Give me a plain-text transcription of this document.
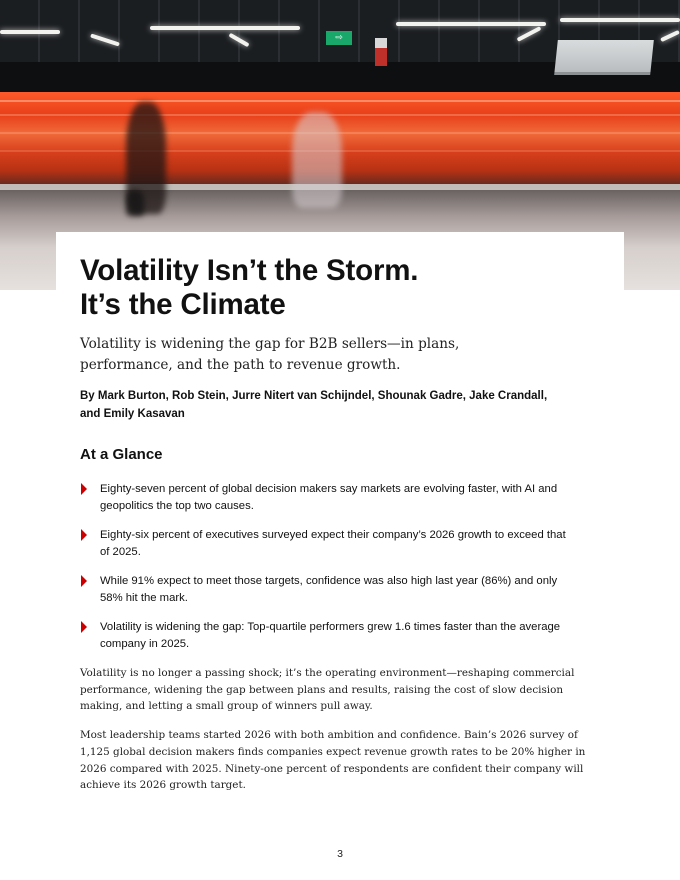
⇨
Volatility Isn’t the Storm.
It’s the Climate

Volatility is widening the gap for B2B sellers—in plans, performance, and the path to revenue growth.

By Mark Burton, Rob Stein, Jurre Nitert van Schijndel, Shounak Gadre, Jake Crandall, and Emily Kasavan

At a Glance
Eighty-seven percent of global decision makers say markets are evolving faster, with AI and geopolitics the top two causes.
Eighty-six percent of executives surveyed expect their company’s 2026 growth to exceed that of 2025.
While 91% expect to meet those targets, confidence was also high last year (86%) and only 58% hit the mark.
Volatility is widening the gap: Top-quartile performers grew 1.6 times faster than the average company in 2025.

Volatility is no longer a passing shock; it’s the operating environment—reshaping commercial performance, widening the gap between plans and results, raising the cost of slow decision making, and letting a small group of winners pull away.

Most leadership teams started 2026 with both ambition and confidence. Bain’s 2026 survey of 1,125 global decision makers finds companies expect revenue growth rates to be 20% higher in 2026 compared with 2025. Ninety-one percent of respondents are confident their company will achieve its 2026 growth target.

3
